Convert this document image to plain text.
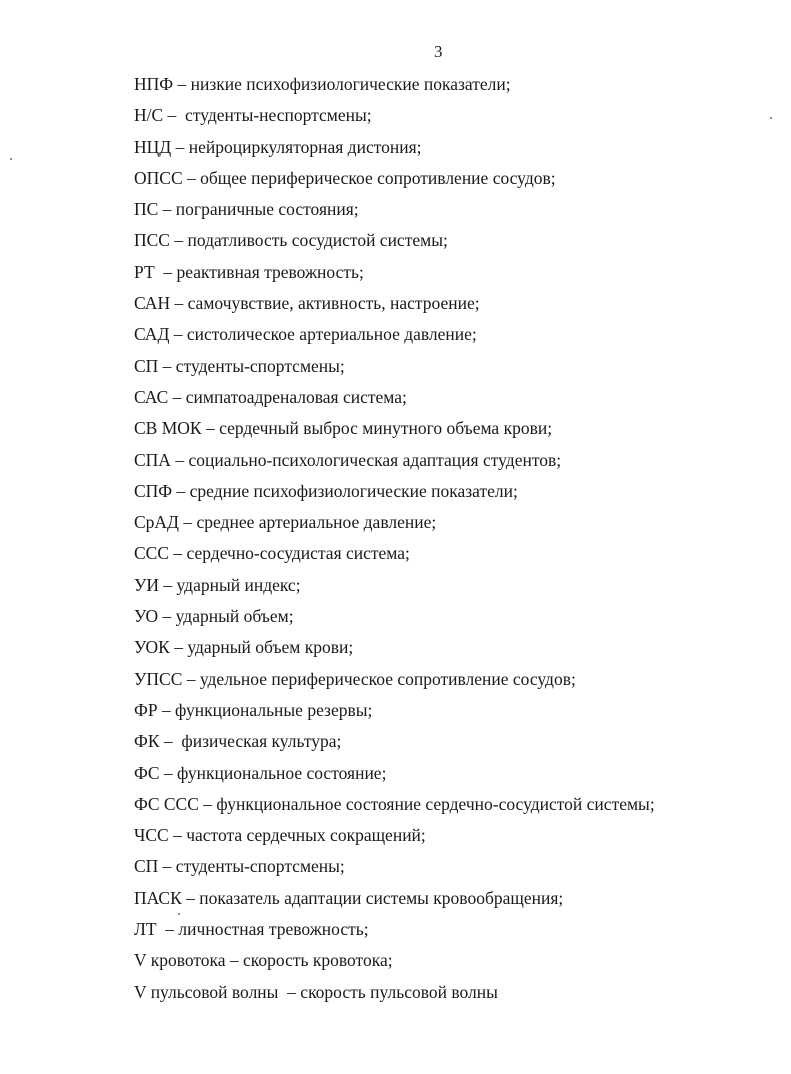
3
НПФ – низкие психофизиологические показатели;
Н/С –  студенты-неспортсмены;
НЦД – нейроциркуляторная дистония;
ОПСС – общее периферическое сопротивление сосудов;
ПС – пограничные состояния;
ПСС – податливость сосудистой системы;
РТ  – реактивная тревожность;
САН – самочувствие, активность, настроение;
САД – систолическое артериальное давление;
СП – студенты-спортсмены;
САС – симпатоадреналовая система;
СВ МОК – сердечный выброс минутного объема крови;
СПА – социально-психологическая адаптация студентов;
СПФ – средние психофизиологические показатели;
СрАД – среднее артериальное давление;
ССС – сердечно-сосудистая система;
УИ – ударный индекс;
УО – ударный объем;
УОК – ударный объем крови;
УПСС – удельное периферическое сопротивление сосудов;
ФР – функциональные резервы;
ФК –  физическая культура;
ФС – функциональное состояние;
ФС ССС – функциональное состояние сердечно-сосудистой системы;
ЧСС – частота сердечных сокращений;
СП – студенты-спортсмены;
ПАСК – показатель адаптации системы кровообращения;
ЛТ  – личностная тревожность;
V кровотока – скорость кровотока;
V пульсовой волны  – скорость пульсовой волны
